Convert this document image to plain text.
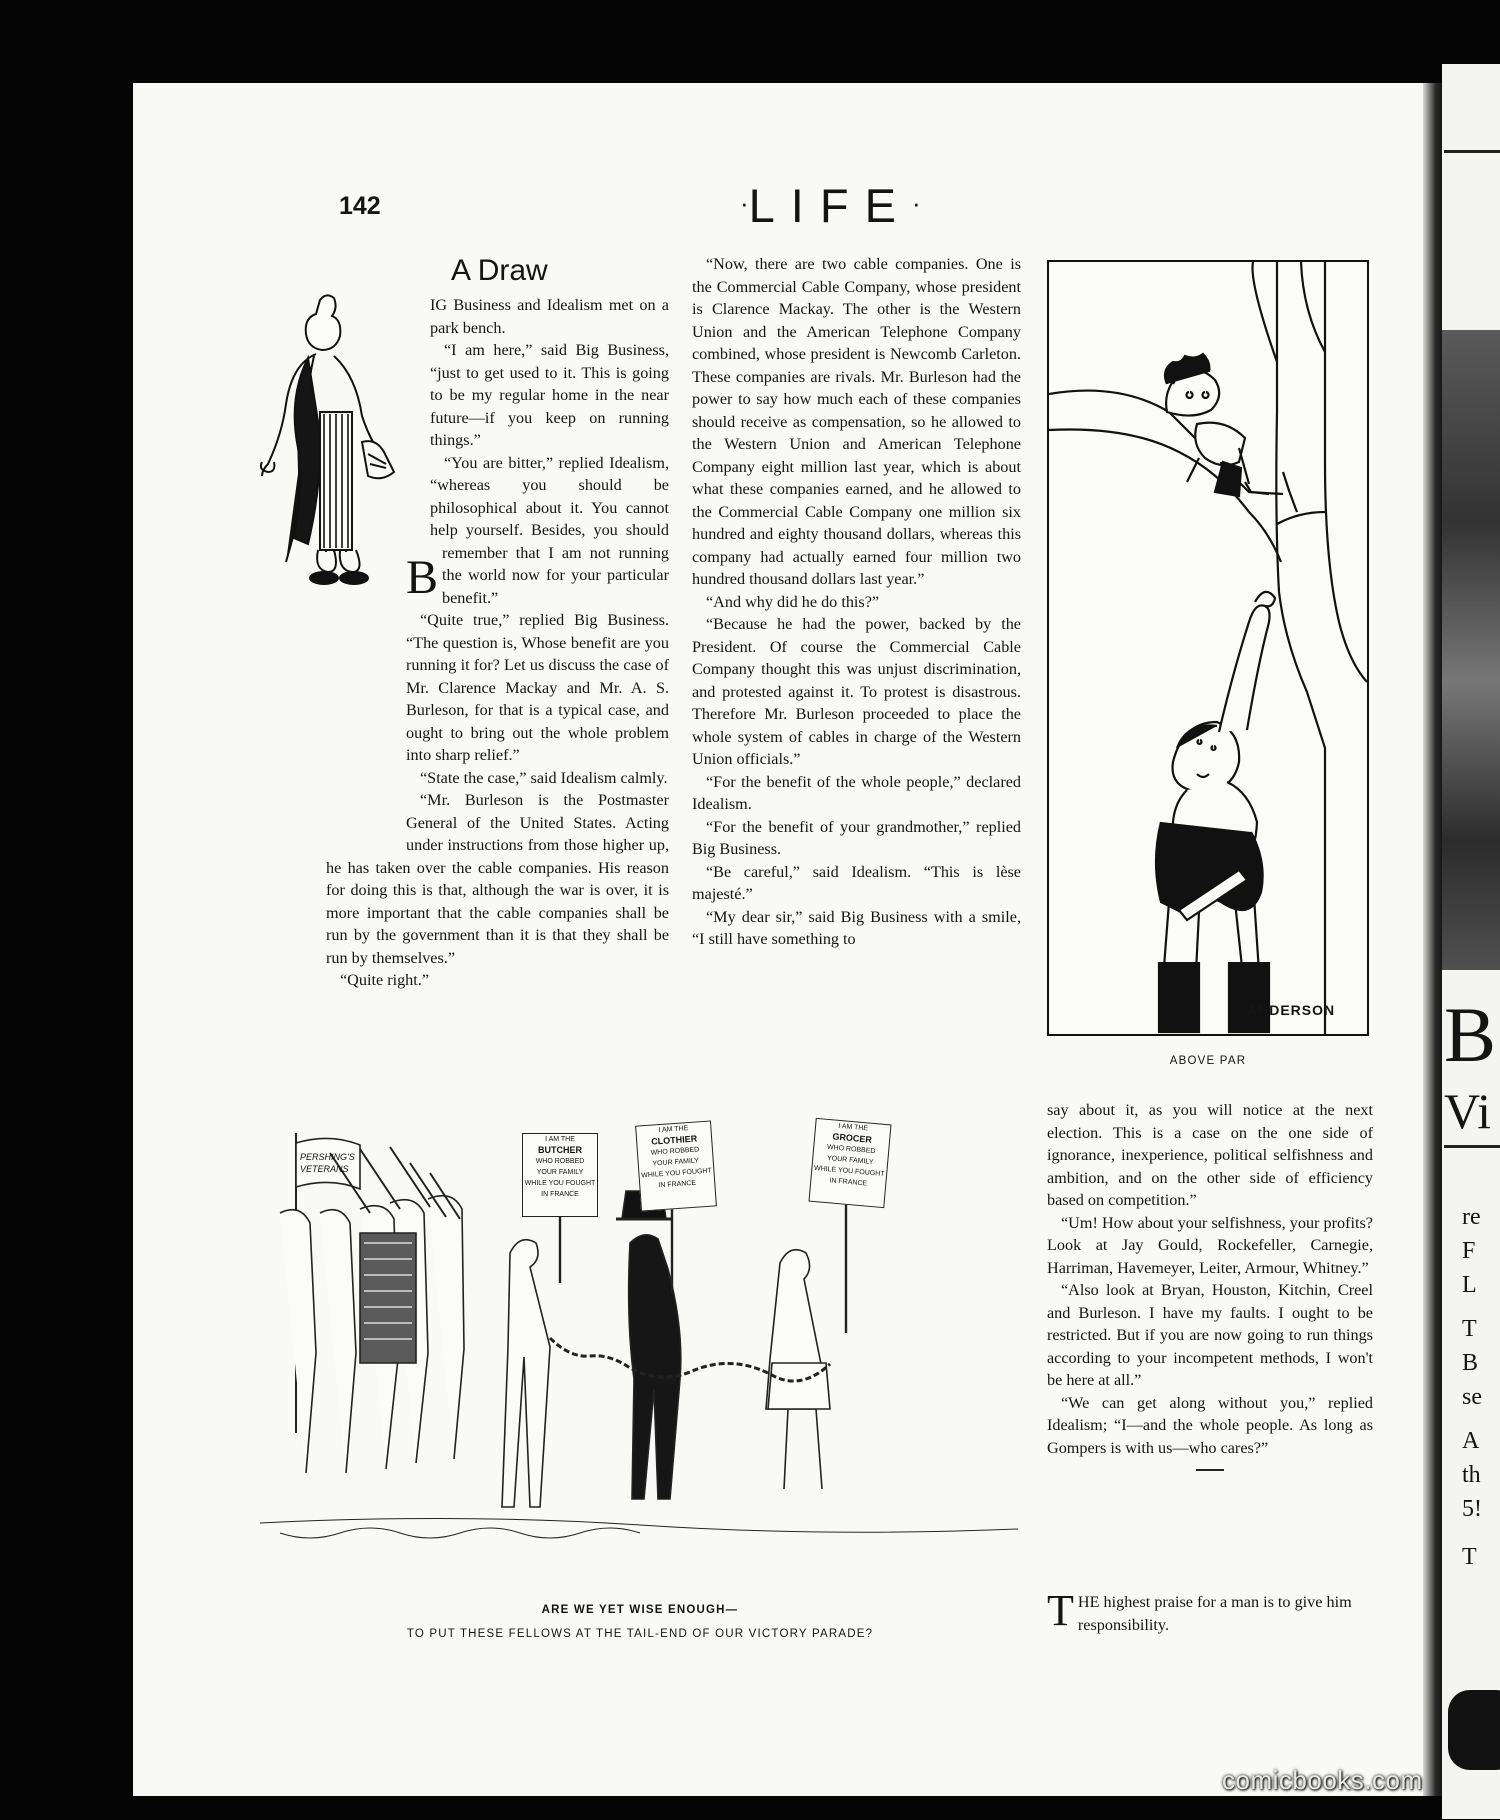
B
Vi
re
F
L
T
B
se
A
th
5!
T
142	·LIFE·
A Draw

B
IG Business and Idealism met on a park bench.

“I am here,” said Big Business, “just to get used to it. This is going to be my regular home in the near future—if you keep on running things.”

“You are bitter,” replied Idealism, “whereas you should be philosophical about it. You cannot help yourself. Besides, you should remember that I am not running the world now for your particular benefit.”

“Quite true,” replied Big Business. “The question is, Whose benefit are you running it for? Let us discuss the case of Mr. Clarence Mackay and Mr. A. S. Burleson, for that is a typical case, and ought to bring out the whole problem into sharp relief.”

“State the case,” said Idealism calmly.

“Mr. Burleson is the Postmaster General of the United States. Acting under instructions from those higher up, he has taken over the cable companies. His reason for doing this is that, although the war is over, it is more important that the cable companies shall be run by the government than it is that they shall be run by themselves.”

“Quite right.”

“Now, there are two cable companies. One is the Commercial Cable Company, whose president is Clarence Mackay. The other is the Western Union and the American Telephone Company combined, whose president is Newcomb Carleton. These companies are rivals. Mr. Burleson had the power to say how much each of these companies should receive as compensation, so he allowed to the Western Union and American Telephone Company eight million last year, which is about what these companies earned, and he allowed to the Commercial Cable Company one million six hundred and eighty thousand dollars, whereas this company had actually earned four million two hundred thousand dollars last year.”

“And why did he do this?”

“Because he had the power, backed by the President. Of course the Commercial Cable Company thought this was unjust discrimination, and protested against it. To protest is disastrous. Therefore Mr. Burleson proceeded to place the whole system of cables in charge of the Western Union officials.”

“For the benefit of the whole people,” declared Idealism.

“For the benefit of your grandmother,” replied Big Business.

“Be careful,” said Idealism. “This is lèse majesté.”

“My dear sir,” said Big Business with a smile, “I still have something to

ANDERSON
ABOVE PAR
PERSHING'S VETERANS
I AM THE
BUTCHER
WHO ROBBED
YOUR FAMILY
WHILE YOU FOUGHT
IN FRANCE
I AM THE
CLOTHIER
WHO ROBBED
YOUR FAMILY
WHILE YOU FOUGHT
IN FRANCE
I AM THE
GROCER
WHO ROBBED
YOUR FAMILY
WHILE YOU FOUGHT
IN FRANCE
ARE WE YET WISE ENOUGH—
TO PUT THESE FELLOWS AT THE TAIL-END OF OUR VICTORY PARADE?

say about it, as you will notice at the next election. This is a case on the one side of ignorance, inexperience, political selfishness and ambition, and on the other side of efficiency based on competition.”

“Um! How about your selfishness, your profits? Look at Jay Gould, Rockefeller, Carnegie, Harriman, Havemeyer, Leiter, Armour, Whitney.”

“Also look at Bryan, Houston, Kitchin, Creel and Burleson. I have my faults. I ought to be restricted. But if you are now going to run things according to your incompetent methods, I won't be here at all.”

“We can get along without you,” replied Idealism; “I—and the whole people. As long as Gompers is with us—who cares?”

THE highest praise for a man is to give him responsibility.

comicbooks.com
